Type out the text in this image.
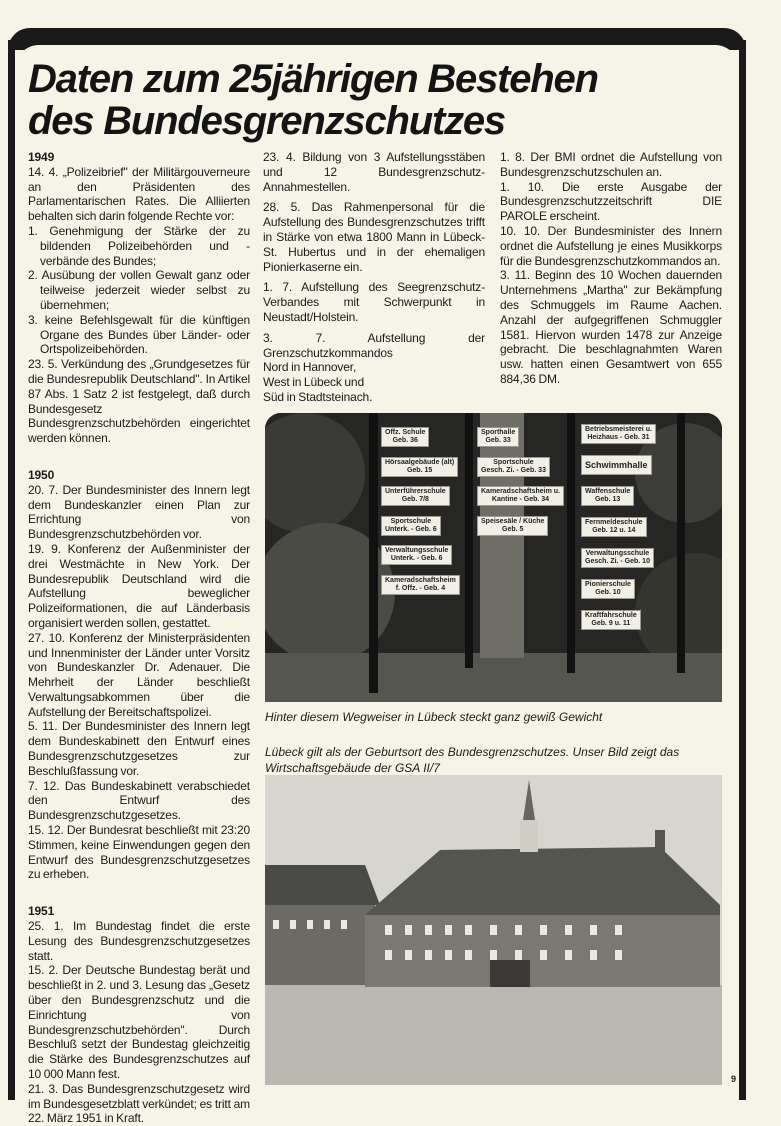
Daten zum 25jährigen Bestehen
des Bundesgrenzschutzes

1949

14. 4. „Polizeibrief" der Militärgouverneure an den Präsidenten des Parlamentarischen Rates. Die Alliierten behalten sich darin folgende Rechte vor:

1. Genehmigung der Stärke der zu bildenden Polizeibehörden und -verbände des Bundes;
2. Ausübung der vollen Gewalt ganz oder teilweise jederzeit wieder selbst zu übernehmen;
3. keine Befehlsgewalt für die künftigen Organe des Bundes über Länder- oder Ortspolizeibehörden.

23. 5. Verkündung des „Grundgesetzes für die Bundesrepublik Deutschland". In Artikel 87 Abs. 1 Satz 2 ist festgelegt, daß durch Bundesgesetz Bundesgrenzschutzbehörden eingerichtet werden können.

1950

20. 7. Der Bundesminister des Innern legt dem Bundeskanzler einen Plan zur Errichtung von Bundesgrenzschutzbehörden vor.

19. 9. Konferenz der Außenminister der drei Westmächte in New York. Der Bundesrepublik Deutschland wird die Aufstellung beweglicher Polizeiformationen, die auf Länderbasis organisiert werden sollen, gestattet.

27. 10. Konferenz der Ministerpräsidenten und Innenminister der Länder unter Vorsitz von Bundeskanzler Dr. Adenauer. Die Mehrheit der Länder beschließt Verwaltungsabkommen über die Aufstellung der Bereitschaftspolizei.

5. 11. Der Bundesminister des Innern legt dem Bundeskabinett den Entwurf eines Bundesgrenzschutzgesetzes zur Beschlußfassung vor.

7. 12. Das Bundeskabinett verabschiedet den Entwurf des Bundesgrenzschutzgesetzes.

15. 12. Der Bundesrat beschließt mit 23:20 Stimmen, keine Einwendungen gegen den Entwurf des Bundesgrenzschutzgesetzes zu erheben.

1951

25. 1. Im Bundestag findet die erste Lesung des Bundesgrenzschutzgesetzes statt.

15. 2. Der Deutsche Bundestag berät und beschließt in 2. und 3. Lesung das „Gesetz über den Bundesgrenzschutz und die Einrichtung von Bundesgrenzschutzbehörden". Durch Beschluß setzt der Bundestag gleichzeitig die Stärke des Bundesgrenzschutzes auf 10 000 Mann fest.

21. 3. Das Bundesgrenzschutzgesetz wird im Bundesgesetzblatt verkündet; es tritt am 22. März 1951 in Kraft.

23. 4. Bildung von 3 Aufstellungsstäben und 12 Bundesgrenzschutz-Annahmestellen.

28. 5. Das Rahmenpersonal für die Aufstellung des Bundesgrenzschutzes trifft in Stärke von etwa 1800 Mann in Lübeck-St. Hubertus und in der ehemaligen Pionierkaserne ein.

1. 7. Aufstellung des Seegrenzschutz-Verbandes mit Schwerpunkt in Neustadt/Holstein.

3. 7. Aufstellung der Grenzschutzkommandos

Nord in Hannover,

West in Lübeck und

Süd in Stadtsteinach.

1. 8. Der BMI ordnet die Aufstellung von Bundesgrenzschutzschulen an.

1. 10. Die erste Ausgabe der Bundesgrenzschutzzeitschrift DIE PAROLE erscheint.

10. 10. Der Bundesminister des Innern ordnet die Aufstellung je eines Musikkorps für die Bundesgrenzschutzkommandos an.

3. 11. Beginn des 10 Wochen dauernden Unternehmens „Martha" zur Bekämpfung des Schmuggels im Raume Aachen. Anzahl der aufgegriffenen Schmuggler 1581. Hiervon wurden 1478 zur Anzeige gebracht. Die beschlagnahmten Waren usw. hatten einen Gesamtwert von 655 884,36 DM.

Offz. Schule
Geb. 36
Hörsaalgebäude (alt)
Geb. 15
Unterführerschule
Geb. 7/8
Sportschule
Unterk. - Geb. 6
Verwaltungsschule
Unterk. - Geb. 6
Kameradschaftsheim
f. Offz. - Geb. 4
Sporthalle
Geb. 33
Sportschule
Gesch. Zi. - Geb. 33
Kameradschaftsheim u.
Kantine - Geb. 34
Speisesäle / Küche
Geb. 5
Betriebsmeisterei u.
Heizhaus - Geb. 31
Schwimmhalle
Waffenschule
Geb. 13
Fernmeldeschule
Geb. 12 u. 14
Verwaltungsschule
Gesch. Zi. - Geb. 10
Pionierschule
Geb. 10
Kraftfahrschule
Geb. 9 u. 11
Hinter diesem Wegweiser in Lübeck steckt ganz gewiß Gewicht
Lübeck gilt als der Geburtsort des Bundesgrenzschutzes. Unser Bild zeigt das Wirtschaftsgebäude der GSA II/7
9
